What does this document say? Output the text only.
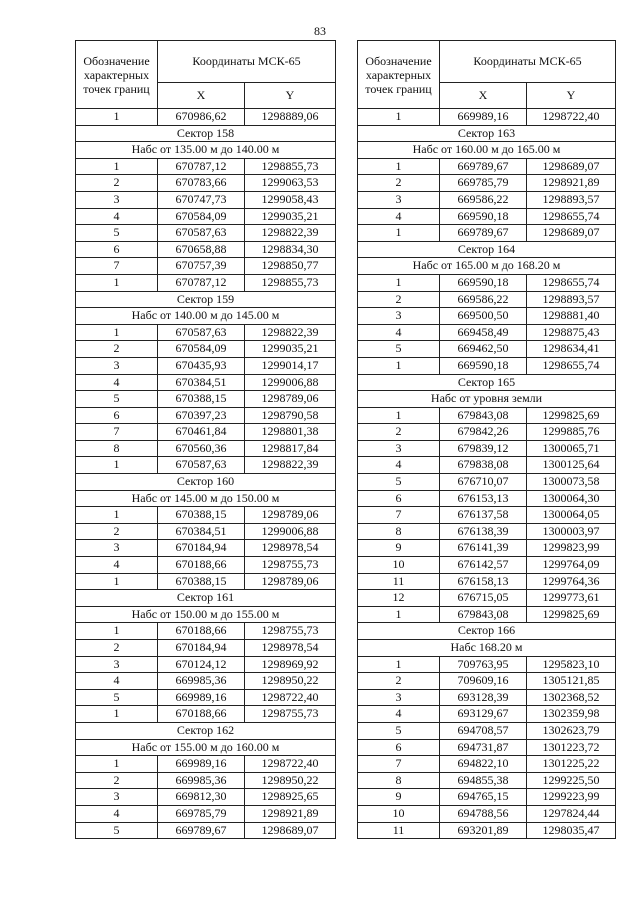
83
Обозначение характерных точек границ	Координаты МСК-65	
	X	Y
1	670986,62	1298889,06
Сектор 158		
Набс от 135.00 м до 140.00 м		
1	670787,12	1298855,73
2	670783,66	1299063,53
3	670747,73	1299058,43
4	670584,09	1299035,21
5	670587,63	1298822,39
6	670658,88	1298834,30
7	670757,39	1298850,77
1	670787,12	1298855,73
Сектор 159		
Набс от 140.00 м до 145.00 м		
1	670587,63	1298822,39
2	670584,09	1299035,21
3	670435,93	1299014,17
4	670384,51	1299006,88
5	670388,15	1298789,06
6	670397,23	1298790,58
7	670461,84	1298801,38
8	670560,36	1298817,84
1	670587,63	1298822,39
Сектор 160		
Набс от 145.00 м до 150.00 м		
1	670388,15	1298789,06
2	670384,51	1299006,88
3	670184,94	1298978,54
4	670188,66	1298755,73
1	670388,15	1298789,06
Сектор 161		
Набс от 150.00 м до 155.00 м		
1	670188,66	1298755,73
2	670184,94	1298978,54
3	670124,12	1298969,92
4	669985,36	1298950,22
5	669989,16	1298722,40
1	670188,66	1298755,73
Сектор 162		
Набс от 155.00 м до 160.00 м		
1	669989,16	1298722,40
2	669985,36	1298950,22
3	669812,30	1298925,65
4	669785,79	1298921,89
5	669789,67	1298689,07
Обозначение характерных точек границ	Координаты МСК-65	
	X	Y
1	669989,16	1298722,40
Сектор 163		
Набс от 160.00 м до 165.00 м		
1	669789,67	1298689,07
2	669785,79	1298921,89
3	669586,22	1298893,57
4	669590,18	1298655,74
1	669789,67	1298689,07
Сектор 164		
Набс от 165.00 м до 168.20 м		
1	669590,18	1298655,74
2	669586,22	1298893,57
3	669500,50	1298881,40
4	669458,49	1298875,43
5	669462,50	1298634,41
1	669590,18	1298655,74
Сектор 165		
Набс от уровня земли		
1	679843,08	1299825,69
2	679842,26	1299885,76
3	679839,12	1300065,71
4	679838,08	1300125,64
5	676710,07	1300073,58
6	676153,13	1300064,30
7	676137,58	1300064,05
8	676138,39	1300003,97
9	676141,39	1299823,99
10	676142,57	1299764,09
11	676158,13	1299764,36
12	676715,05	1299773,61
1	679843,08	1299825,69
Сектор 166		
Набс 168.20 м		
1	709763,95	1295823,10
2	709609,16	1305121,85
3	693128,39	1302368,52
4	693129,67	1302359,98
5	694708,57	1302623,79
6	694731,87	1301223,72
7	694822,10	1301225,22
8	694855,38	1299225,50
9	694765,15	1299223,99
10	694788,56	1297824,44
11	693201,89	1298035,47
